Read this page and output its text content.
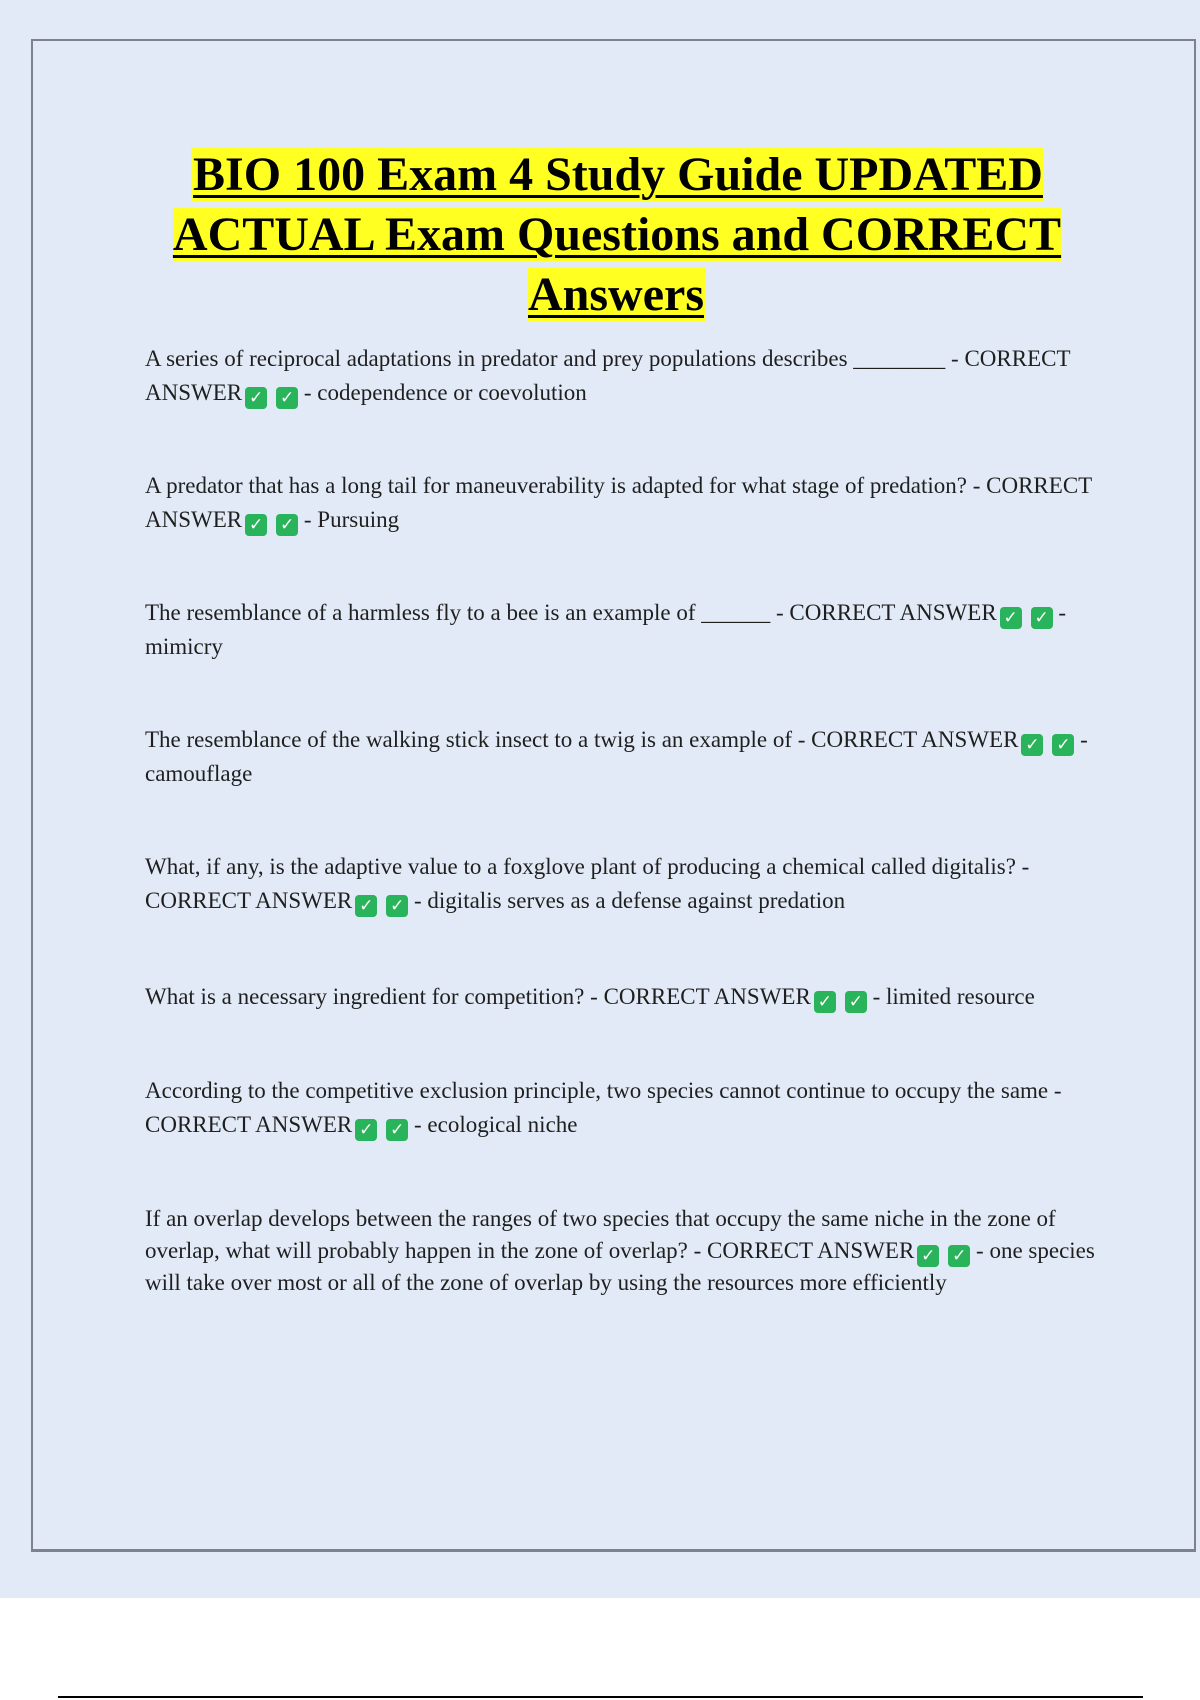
BIO 100 Exam 4 Study Guide UPDATED ACTUAL Exam Questions and CORRECT Answers

A series of reciprocal adaptations in predator and prey populations describes ________ - CORRECT ANSWER ✓ ✓ - codependence or coevolution

A predator that has a long tail for maneuverability is adapted for what stage of predation? - CORRECT ANSWER ✓ ✓ - Pursuing

The resemblance of a harmless fly to a bee is an example of ______ - CORRECT ANSWER ✓ ✓ - mimicry

The resemblance of the walking stick insect to a twig is an example of - CORRECT ANSWER ✓ ✓ - camouflage

What, if any, is the adaptive value to a foxglove plant of producing a chemical called digitalis? - CORRECT ANSWER ✓ ✓ - digitalis serves as a defense against predation

What is a necessary ingredient for competition? - CORRECT ANSWER ✓ ✓ - limited resource

According to the competitive exclusion principle, two species cannot continue to occupy the same - CORRECT ANSWER ✓ ✓ - ecological niche

If an overlap develops between the ranges of two species that occupy the same niche in the zone of overlap, what will probably happen in the zone of overlap? - CORRECT ANSWER ✓ ✓ - one species will take over most or all of the zone of overlap by using the resources more efficiently
